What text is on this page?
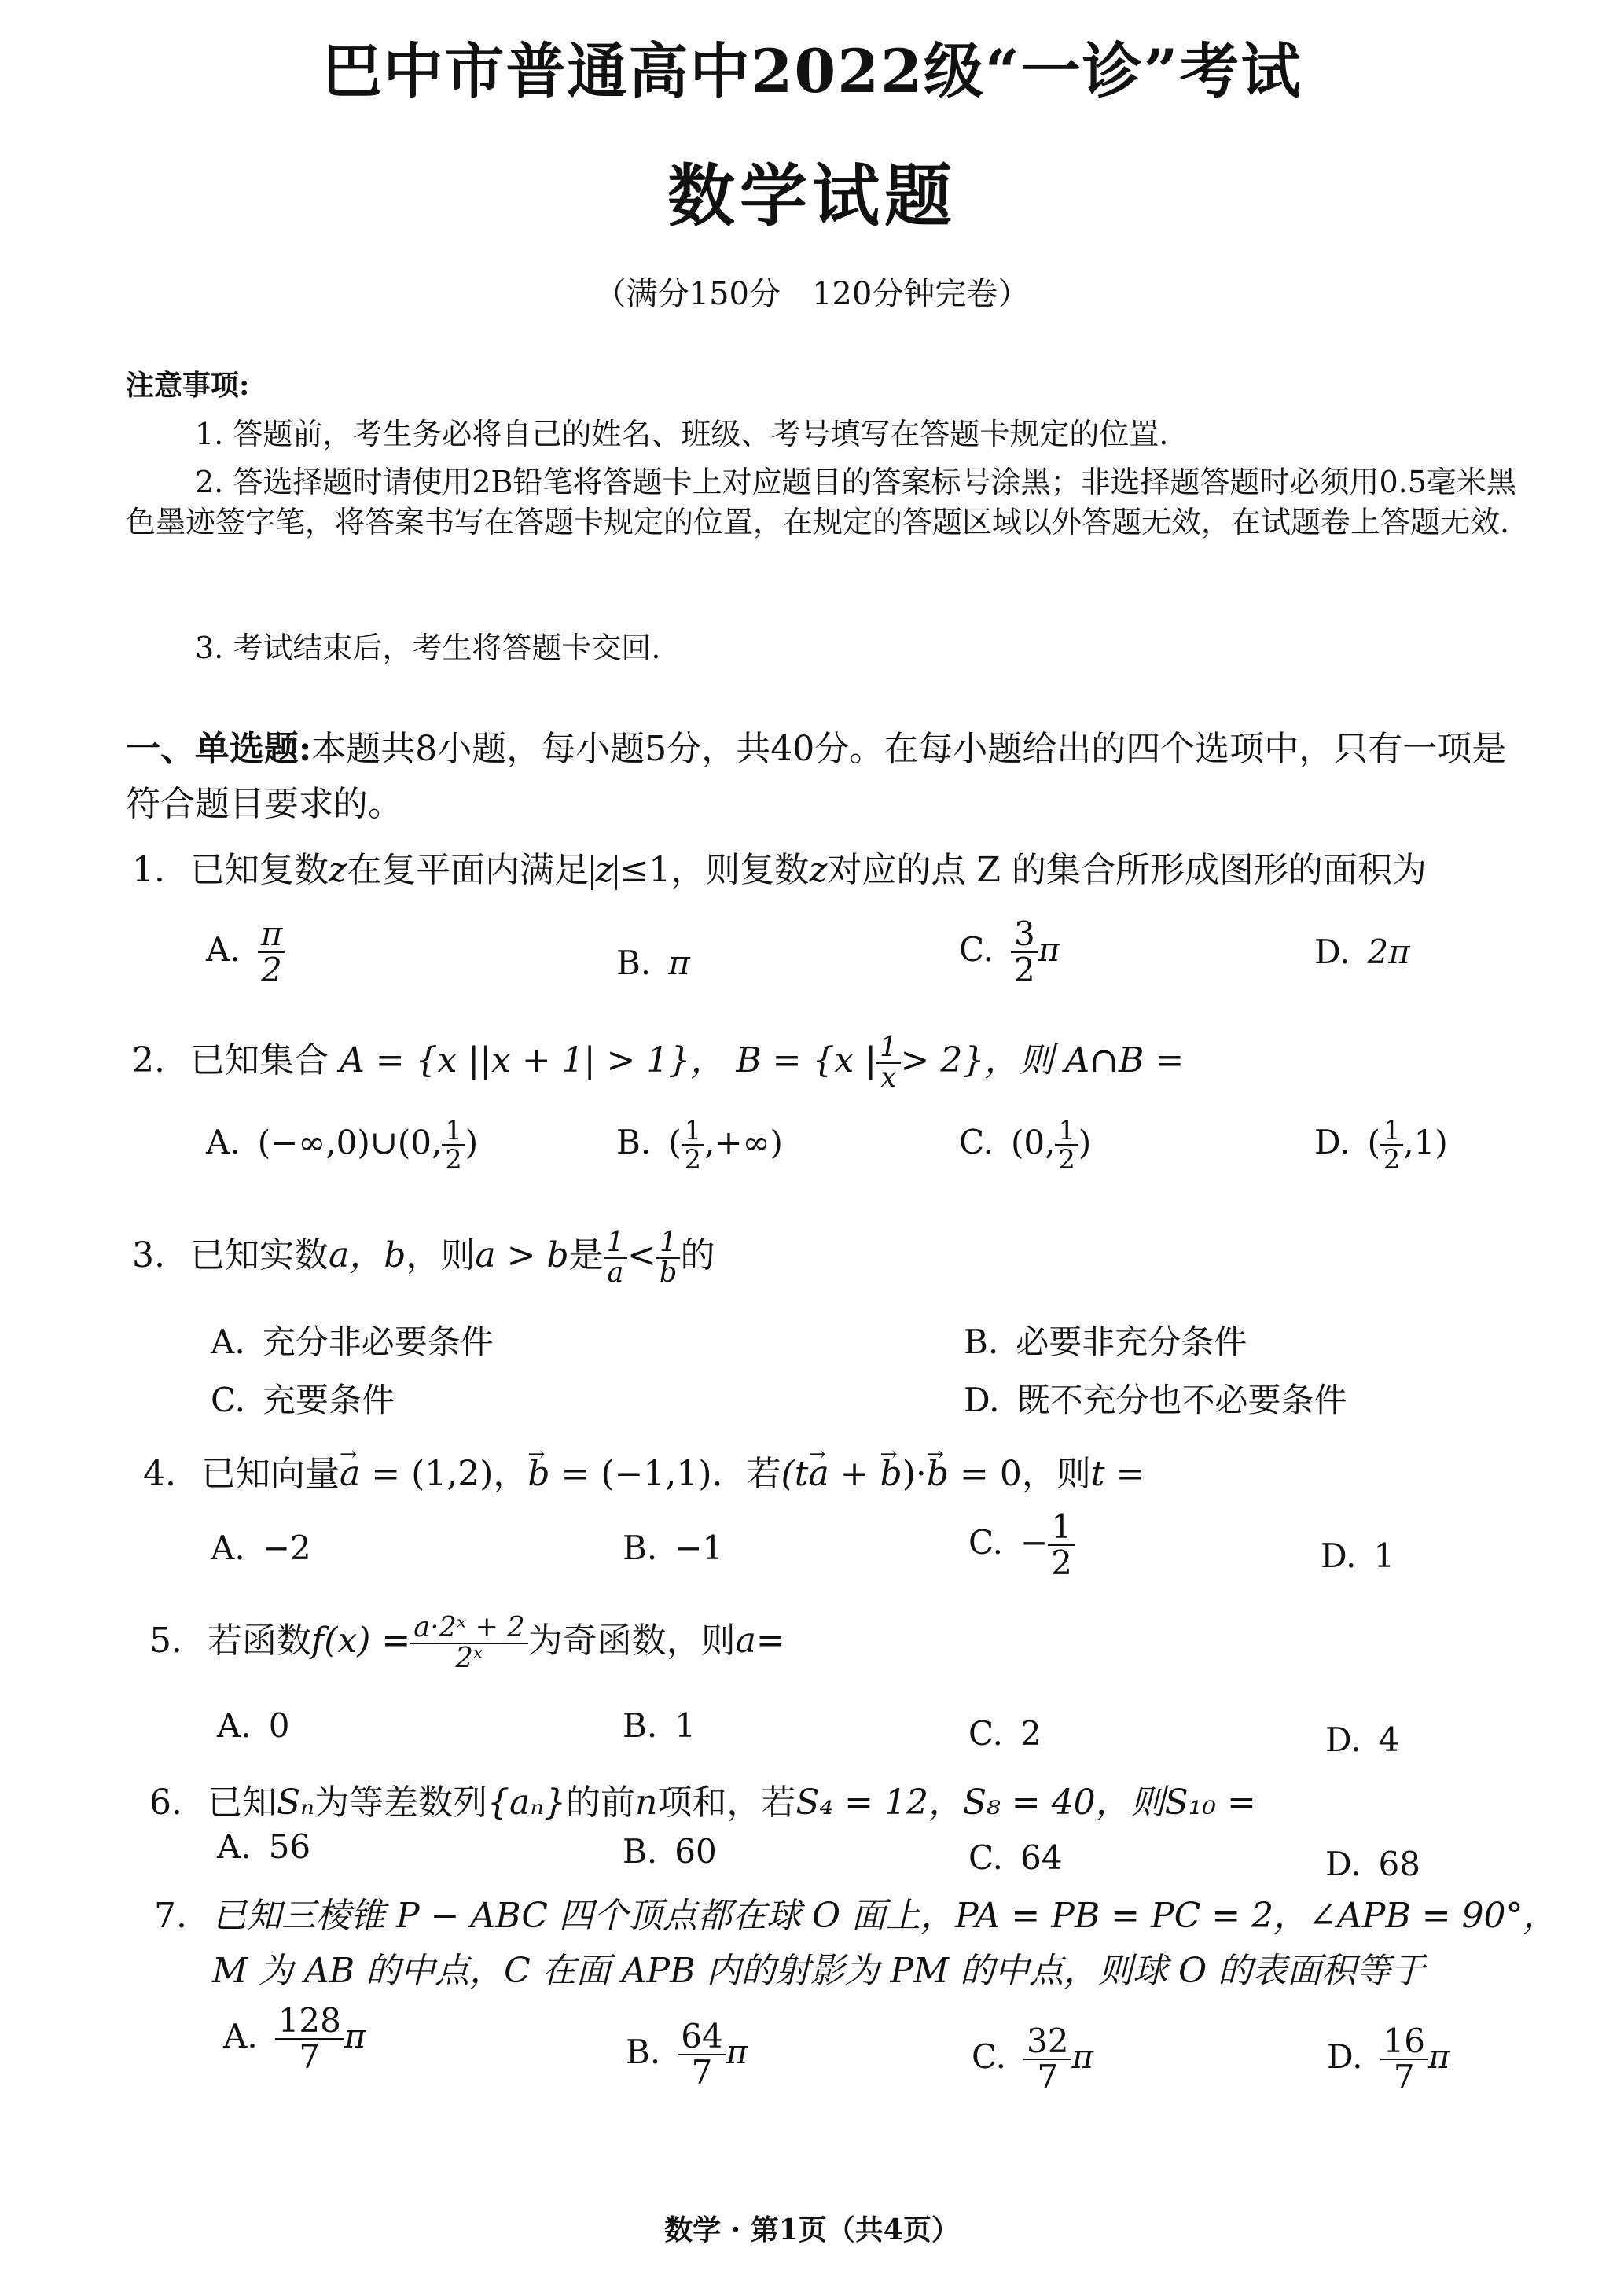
巴中市普通高中2022级“一诊”考试
数学试题
（满分150分　120分钟完卷）
注意事项:
1. 答题前，考生务必将自己的姓名、班级、考号填写在答题卡规定的位置.
2. 答选择题时请使用2B铅笔将答题卡上对应题目的答案标号涂黑；非选择题答题时必须用0.5毫米黑色墨迹签字笔，将答案书写在答题卡规定的位置，在规定的答题区域以外答题无效，在试题卷上答题无效.
3. 考试结束后，考生将答题卡交回.
一、单选题:本题共8小题，每小题5分，共40分。在每小题给出的四个选项中，只有一项是符合题目要求的。
1. 已知复数z在复平面内满足 z ≤1，则复数z对应的点 Z 的集合所形成图形的面积为
A. $\frac{\pi}{2}$	B. π	C. $\frac{3}{2}$ π	D. 2π
2. 已知集合 A = {x ||x + 1| > 1}， B = {x | $\frac{1}{x} > 2$}，则 A∩B =
A. (−∞,0)∪(0, $\frac{1}{2}$ )	B. ( $\frac{1}{2}$ ,+∞)	C. (0, $\frac{1}{2}$ )	D. ( $\frac{1}{2} ,1$)
3. 已知实数a，b，则a > b是 $\frac{1}{a} < \frac{1}{b}$ 的
A. 充分非必要条件	B. 必要非充分条件
C. 充要条件	D. 既不充分也不必要条件
4. 已知向量→ a = (1,2)，→ b = (−1,1)．若(t→ a + → b)·→ b = 0，则t =
A. −2	B. −1	C. − $\frac{1}{2}$	D. 1
5. 若函数$f(x) = \frac{\text{a·2ˣ + 2}}{\text{2ˣ}}$ 为奇函数，则a=
A. 0	B. 1	C. 2	D. 4
6. 已知Sₙ为等差数列{aₙ}的前n项和，若S₄ = 12，S₈ = 40，则S₁₀ =
A. 56	B. 60	C. 64	D. 68
7. 已知三棱锥 P − ABC 四个顶点都在球 O 面上，PA = PB = PC = 2，∠APB = 90°，
M 为 AB 的中点，C 在面 APB 内的射影为 PM 的中点，则球 O 的表面积等于
A. $\frac{128}{7}$ π	B. $\frac{64}{7}$ π	C. $\frac{32}{7}$ π	D. $\frac{16}{7}$ π
数学 · 第1页（共4页）
